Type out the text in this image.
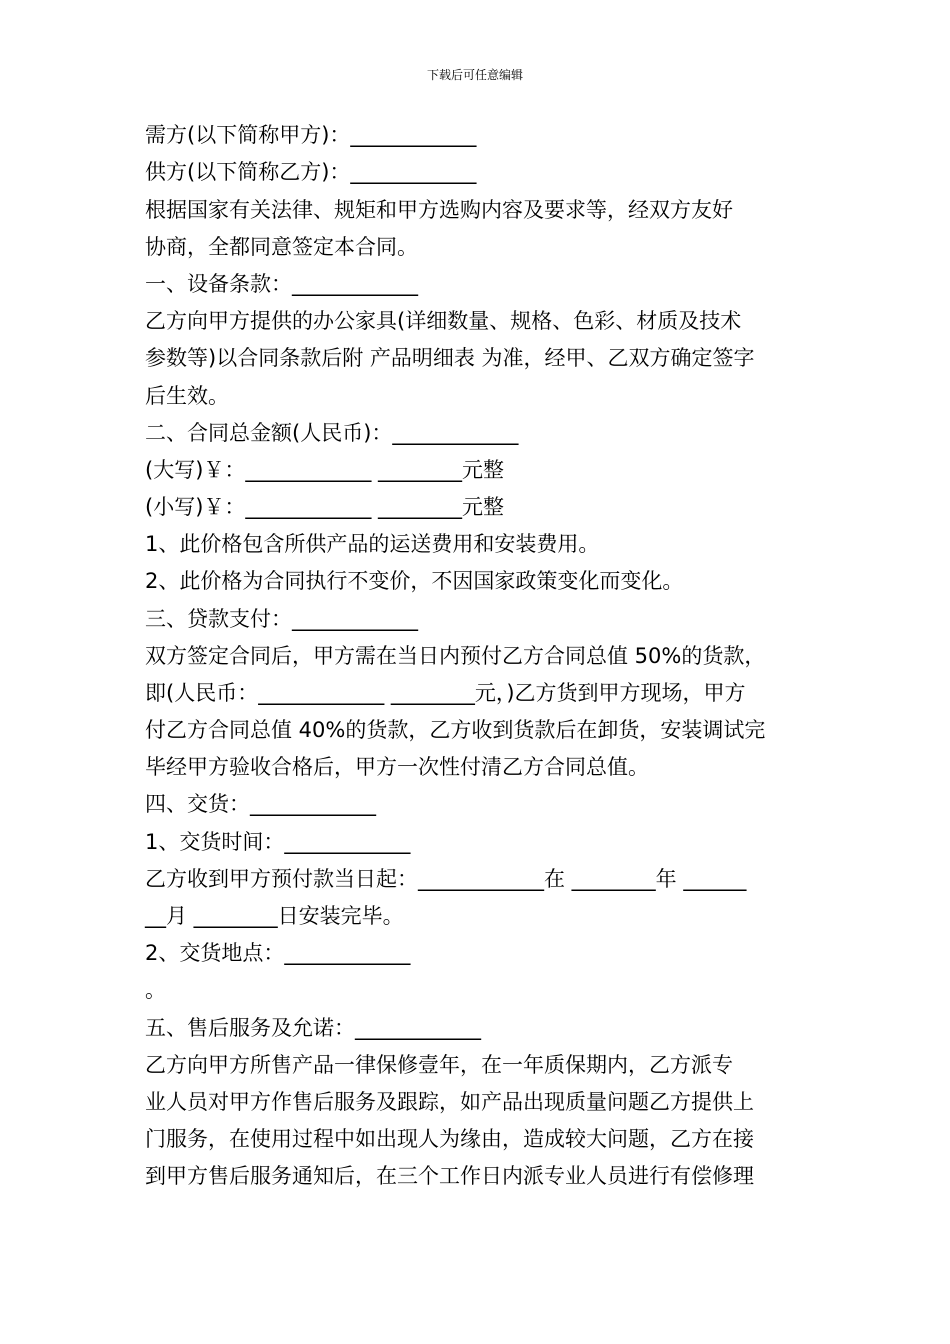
下载后可任意编辑
需方(以下简称甲方)：____________
供方(以下简称乙方)：____________
根据国家有关法律、规矩和甲方选购内容及要求等，经双方友好
协商，全都同意签定本合同。
一、设备条款：____________
乙方向甲方提供的办公家具(详细数量、规格、色彩、材质及技术
参数等)以合同条款后附 产品明细表 为准，经甲、乙双方确定签字
后生效。
二、合同总金额(人民币)：____________
(大写)￥：____________ ________元整
(小写)￥：____________ ________元整
1、此价格包含所供产品的运送费用和安装费用。
2、此价格为合同执行不变价，不因国家政策变化而变化。
三、贷款支付：____________
双方签定合同后，甲方需在当日内预付乙方合同总值 50%的货款，
即(人民币：____________ ________元，)乙方货到甲方现场，甲方
付乙方合同总值 40%的货款，乙方收到货款后在卸货，安装调试完
毕经甲方验收合格后，甲方一次性付清乙方合同总值。
四、交货：____________
1、交货时间：____________
乙方收到甲方预付款当日起：____________在 ________年 ______
__月 ________日安装完毕。
2、交货地点：____________
。
五、售后服务及允诺：____________
乙方向甲方所售产品一律保修壹年，在一年质保期内，乙方派专
业人员对甲方作售后服务及跟踪，如产品出现质量问题乙方提供上
门服务，在使用过程中如出现人为缘由，造成较大问题，乙方在接
到甲方售后服务通知后，在三个工作日内派专业人员进行有偿修理
